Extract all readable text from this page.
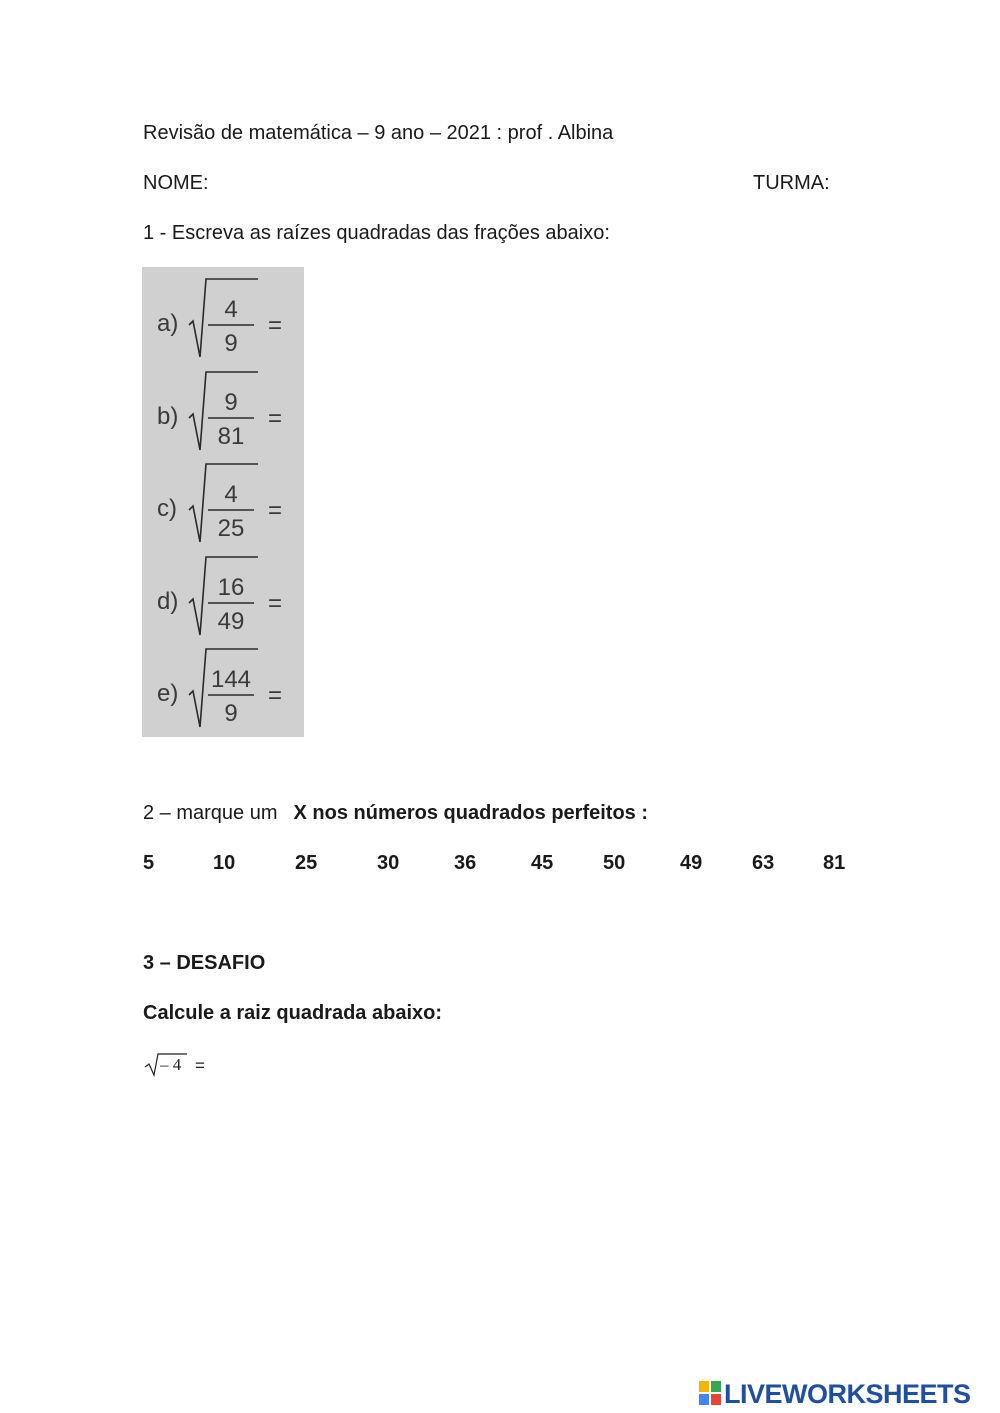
Revisão de matemática – 9 ano – 2021 : prof . Albina
NOME:	TURMA:
1 - Escreva as raízes quadradas das frações abaixo:
a)
4
9
=
b)
9
81
=
c)
4
25
=
d)
16
49
=
e)
144
9
=
2 – marque um X nos números quadrados perfeitos :
5	10	25	30	36	45 50	49 63 81
3 – DESAFIO
Calcule a raiz quadrada abaixo:
– 4 =
LIVEWORKSHEETS
